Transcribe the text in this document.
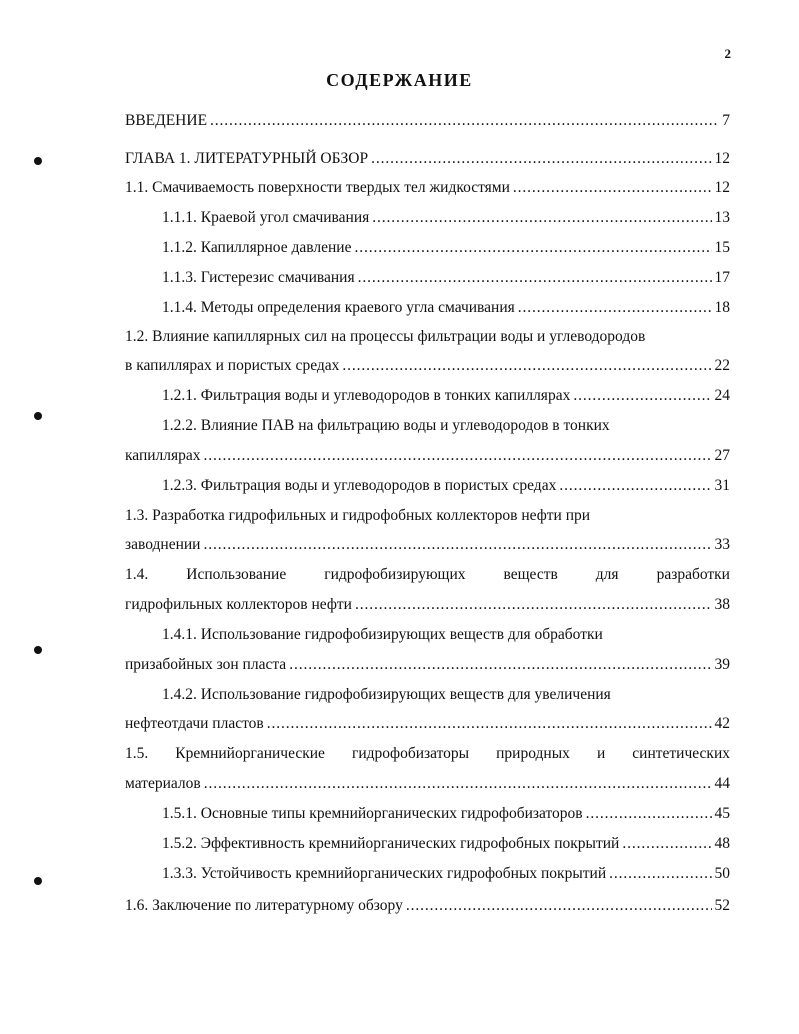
2
СОДЕРЖАНИЕ
ВВЕДЕНИЕ . . .	7
ГЛАВА 1. ЛИТЕРАТУРНЫЙ ОБЗОР . . .	12
1.1. Смачиваемость поверхности твердых тел жидкостями . . .	12
1.1.1. Краевой угол смачивания . . .	13
1.1.2. Капиллярное давление . . .	15
1.1.3. Гистерезис смачивания . . .	17
1.1.4. Методы определения краевого угла смачивания . . .	18
1.2. Влияние капиллярных сил на процессы фильтрации воды и углеводородов
в капиллярах и пористых средах . . .	22
1.2.1. Фильтрация воды и углеводородов в тонких капиллярах . . .	24
1.2.2. Влияние ПАВ на фильтрацию воды и углеводородов в тонких
капиллярах . . .	27
1.2.3. Фильтрация воды и углеводородов в пористых средах . . .	31
1.3. Разработка гидрофильных и гидрофобных коллекторов нефти при
заводнении . . .	33
1.4. Использование гидрофобизирующих веществ для разработки
гидрофильных коллекторов нефти . . .	38
1.4.1. Использование гидрофобизирующих веществ для обработки
призабойных зон пласта . . .	39
1.4.2. Использование гидрофобизирующих веществ для увеличения
нефтеотдачи пластов . . .	42
1.5. Кремнийорганические гидрофобизаторы природных и синтетических
материалов . . .	44
1.5.1. Основные типы кремнийорганических гидрофобизаторов . . .	45
1.5.2. Эффективность кремнийорганических гидрофобных покрытий . . .	48
1.3.3. Устойчивость кремнийорганических гидрофобных покрытий . . .	50
1.6. Заключение по литературному обзору . . .	52
